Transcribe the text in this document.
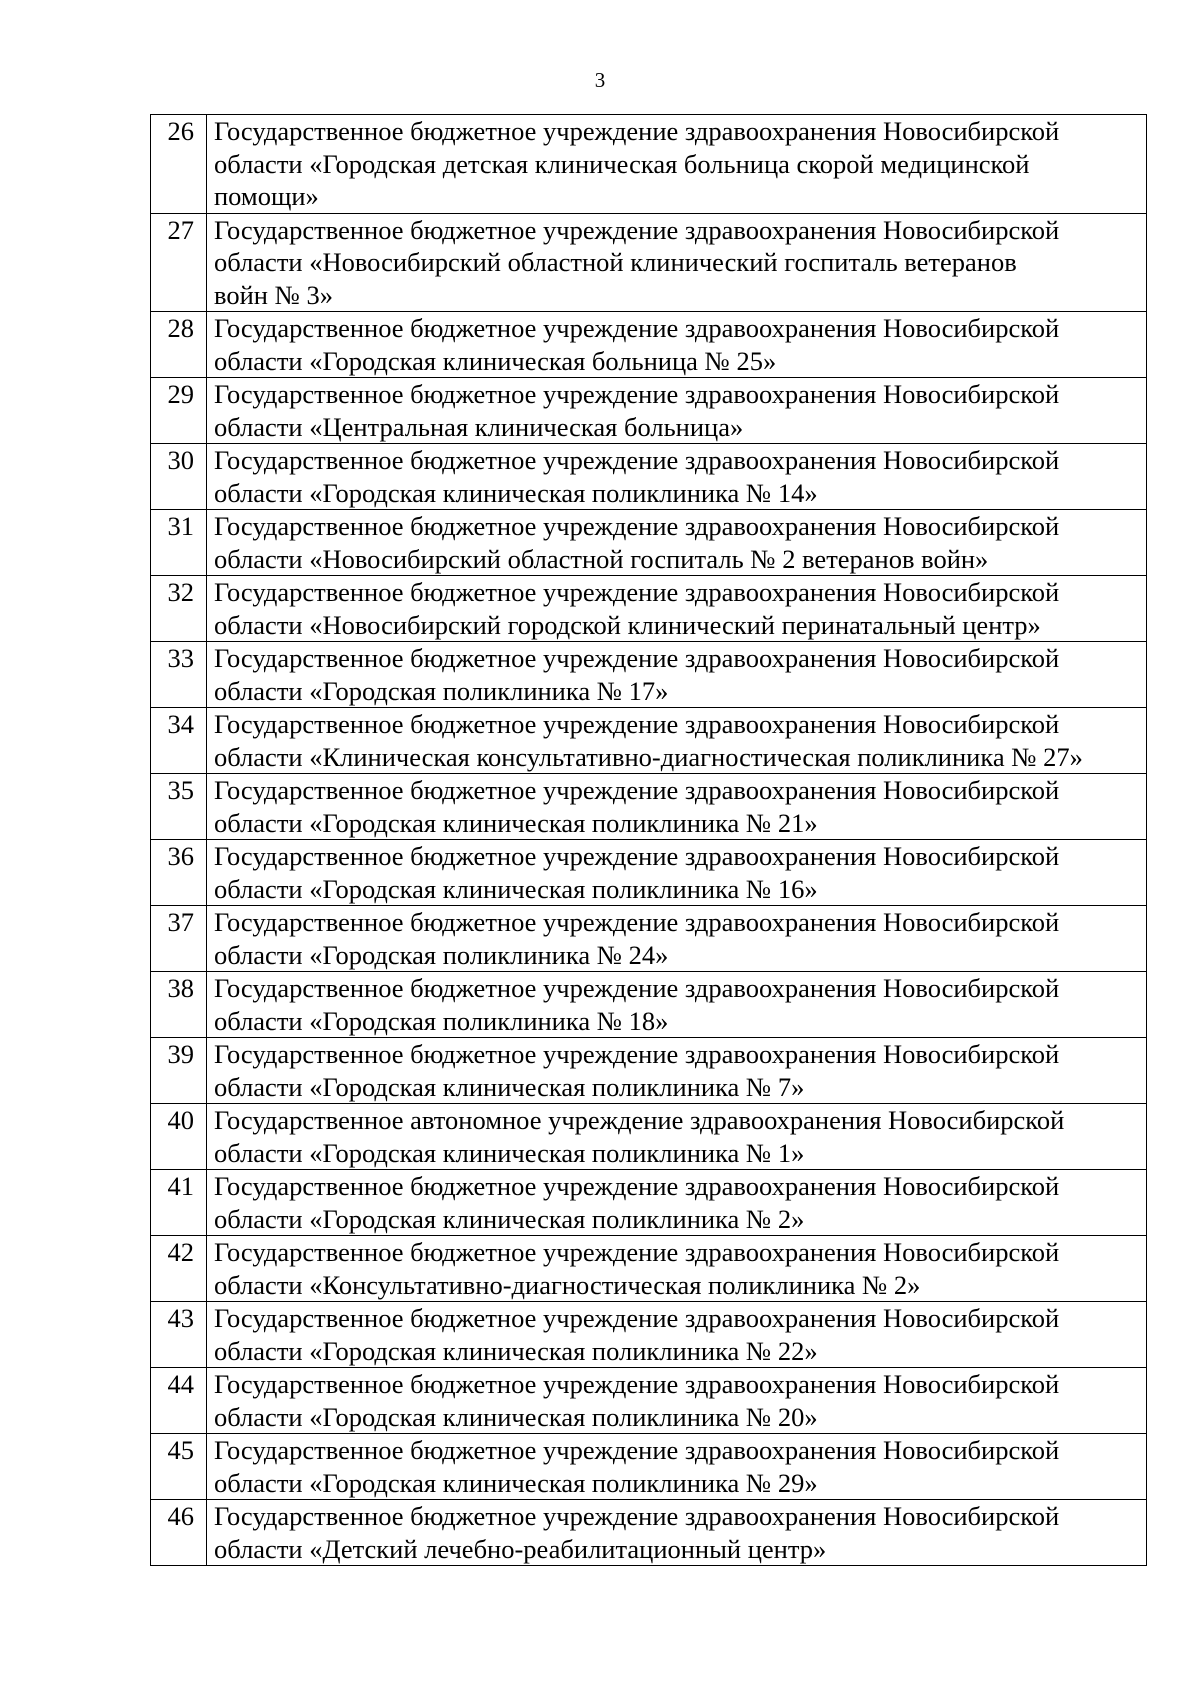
3
26	Государственное бюджетное учреждение здравоохранения Новосибирской
области «Городская детская клиническая больница скорой медицинской
помощи»
27	Государственное бюджетное учреждение здравоохранения Новосибирской
области «Новосибирский областной клинический госпиталь ветеранов
войн № 3»
28	Государственное бюджетное учреждение здравоохранения Новосибирской
области «Городская клиническая больница № 25»
29	Государственное бюджетное учреждение здравоохранения Новосибирской
области «Центральная клиническая больница»
30	Государственное бюджетное учреждение здравоохранения Новосибирской
области «Городская клиническая поликлиника № 14»
31	Государственное бюджетное учреждение здравоохранения Новосибирской
области «Новосибирский областной госпиталь № 2 ветеранов войн»
32	Государственное бюджетное учреждение здравоохранения Новосибирской
области «Новосибирский городской клинический перинатальный центр»
33	Государственное бюджетное учреждение здравоохранения Новосибирской
области «Городская поликлиника № 17»
34	Государственное бюджетное учреждение здравоохранения Новосибирской
области «Клиническая консультативно-диагностическая поликлиника № 27»
35	Государственное бюджетное учреждение здравоохранения Новосибирской
области «Городская клиническая поликлиника № 21»
36	Государственное бюджетное учреждение здравоохранения Новосибирской
области «Городская клиническая поликлиника № 16»
37	Государственное бюджетное учреждение здравоохранения Новосибирской
области «Городская поликлиника № 24»
38	Государственное бюджетное учреждение здравоохранения Новосибирской
области «Городская поликлиника № 18»
39	Государственное бюджетное учреждение здравоохранения Новосибирской
области «Городская клиническая поликлиника № 7»
40	Государственное автономное учреждение здравоохранения Новосибирской
области «Городская клиническая поликлиника № 1»
41	Государственное бюджетное учреждение здравоохранения Новосибирской
области «Городская клиническая поликлиника № 2»
42	Государственное бюджетное учреждение здравоохранения Новосибирской
области «Консультативно-диагностическая поликлиника № 2»
43	Государственное бюджетное учреждение здравоохранения Новосибирской
области «Городская клиническая поликлиника № 22»
44	Государственное бюджетное учреждение здравоохранения Новосибирской
области «Городская клиническая поликлиника № 20»
45	Государственное бюджетное учреждение здравоохранения Новосибирской
области «Городская клиническая поликлиника № 29»
46	Государственное бюджетное учреждение здравоохранения Новосибирской
области «Детский лечебно-реабилитационный центр»
